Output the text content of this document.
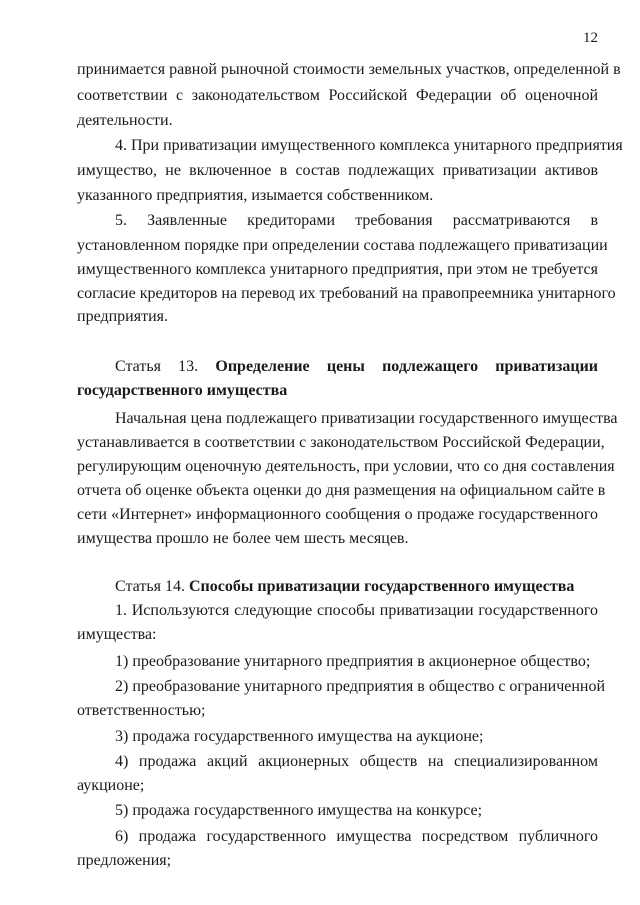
12
принимается равной рыночной стоимости земельных участков, определенной в
соответствии с законодательством Российской Федерации об оценочной
деятельности.
4. При приватизации имущественного комплекса унитарного предприятия
имущество, не включенное в состав подлежащих приватизации активов
указанного предприятия, изымается собственником.
5. Заявленные кредиторами требования рассматриваются в
установленном порядке при определении состава подлежащего приватизации
имущественного комплекса унитарного предприятия, при этом не требуется
согласие кредиторов на перевод их требований на правопреемника унитарного
предприятия.
Статья 13. Определение цены подлежащего приватизации
государственного имущества
Начальная цена подлежащего приватизации государственного имущества
устанавливается в соответствии с законодательством Российской Федерации,
регулирующим оценочную деятельность, при условии, что со дня составления
отчета об оценке объекта оценки до дня размещения на официальном сайте в
сети «Интернет» информационного сообщения о продаже государственного
имущества прошло не более чем шесть месяцев.
Статья 14. Способы приватизации государственного имущества
1. Используются следующие способы приватизации государственного
имущества:
1) преобразование унитарного предприятия в акционерное общество;
2) преобразование унитарного предприятия в общество с ограниченной
ответственностью;
3) продажа государственного имущества на аукционе;
4) продажа акций акционерных обществ на специализированном
аукционе;
5) продажа государственного имущества на конкурсе;
6) продажа государственного имущества посредством публичного
предложения;
